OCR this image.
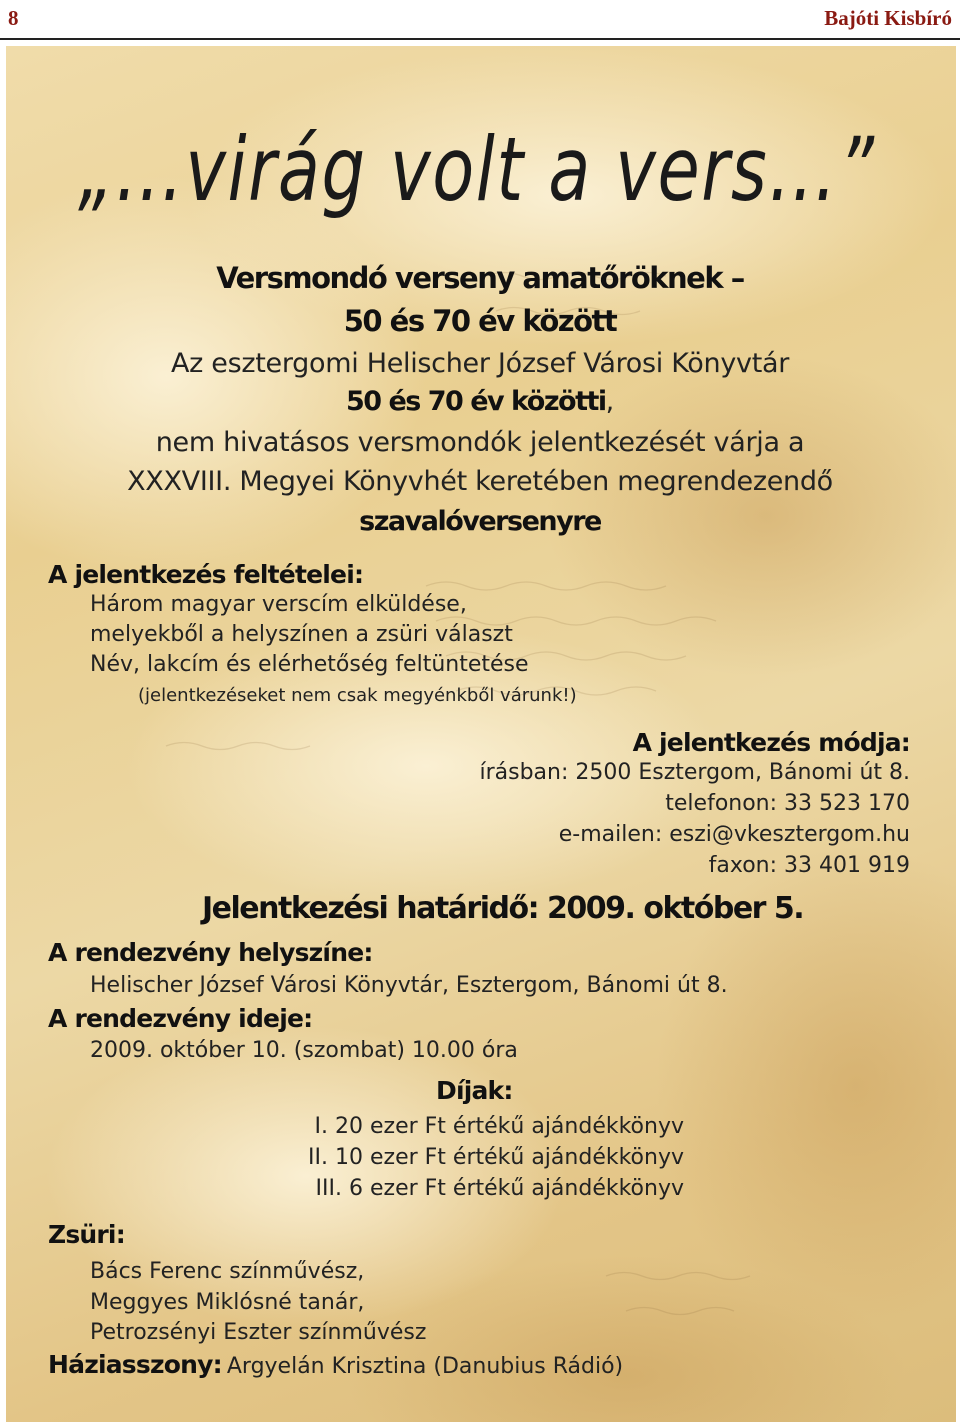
8	Bajóti Kisbíró
„…virág volt a vers…”
Versmondó verseny amatőröknek –
50 és 70 év között
Az esztergomi Helischer József Városi Könyvtár
50 és 70 év közötti,
nem hivatásos versmondók jelentkezését várja a
XXXVIII. Megyei Könyvhét keretében megrendezendő
szavalóversenyre
A jelentkezés feltételei:
Három magyar verscím elküldése,
melyekből a helyszínen a zsüri választ
Név, lakcím és elérhetőség feltüntetése
(jelentkezéseket nem csak megyénkből várunk!)
A jelentkezés módja:
írásban: 2500 Esztergom, Bánomi út 8.
telefonon: 33 523 170
e-mailen: eszi@vkesztergom.hu
faxon: 33 401 919
Jelentkezési határidő: 2009. október 5.
A rendezvény helyszíne:
Helischer József Városi Könyvtár, Esztergom, Bánomi út 8.
A rendezvény ideje:
2009. október 10. (szombat) 10.00 óra
Díjak:
I. 20 ezer Ft értékű ajándékkönyv
II. 10 ezer Ft értékű ajándékkönyv
III. 6 ezer Ft értékű ajándékkönyv
Zsüri:
Bács Ferenc színművész,
Meggyes Miklósné tanár,
Petrozsényi Eszter színművész
Háziasszony: Argyelán Krisztina (Danubius Rádió)
